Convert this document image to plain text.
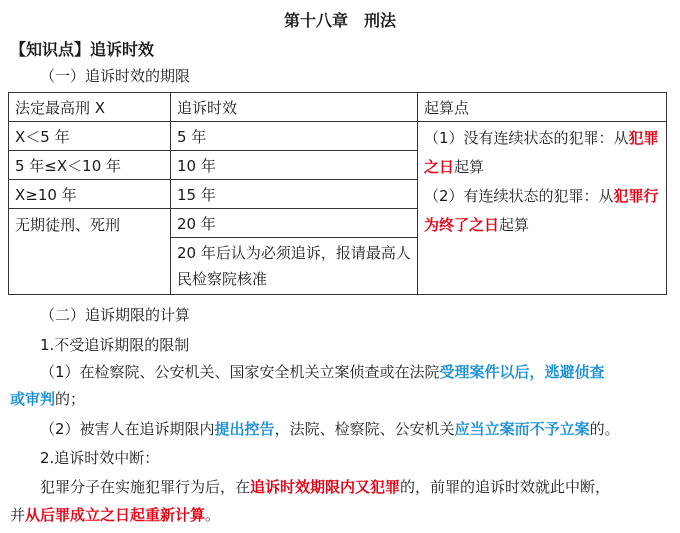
第十八章　刑法
【知识点】追诉时效
（一）追诉时效的期限
法定最高刑 X	追诉时效	起算点
X＜5 年	5 年	（1）没有连续状态的犯罪：从犯罪之日起算
（2）有连续状态的犯罪：从犯罪行为终了之日起算
5 年≤X＜10 年	10 年	
X≥10 年	15 年	
无期徒刑、死刑	20 年	
	20 年后认为必须追诉，报请最高人民检察院核准	
（二）追诉期限的计算
1.不受追诉期限的限制
（1）在检察院、公安机关、国家安全机关立案侦查或在法院受理案件以后，逃避侦查
或审判的；
（2）被害人在追诉期限内提出控告，法院、检察院、公安机关应当立案而不予立案的。
2.追诉时效中断：
犯罪分子在实施犯罪行为后，在追诉时效期限内又犯罪的，前罪的追诉时效就此中断，
并从后罪成立之日起重新计算。
